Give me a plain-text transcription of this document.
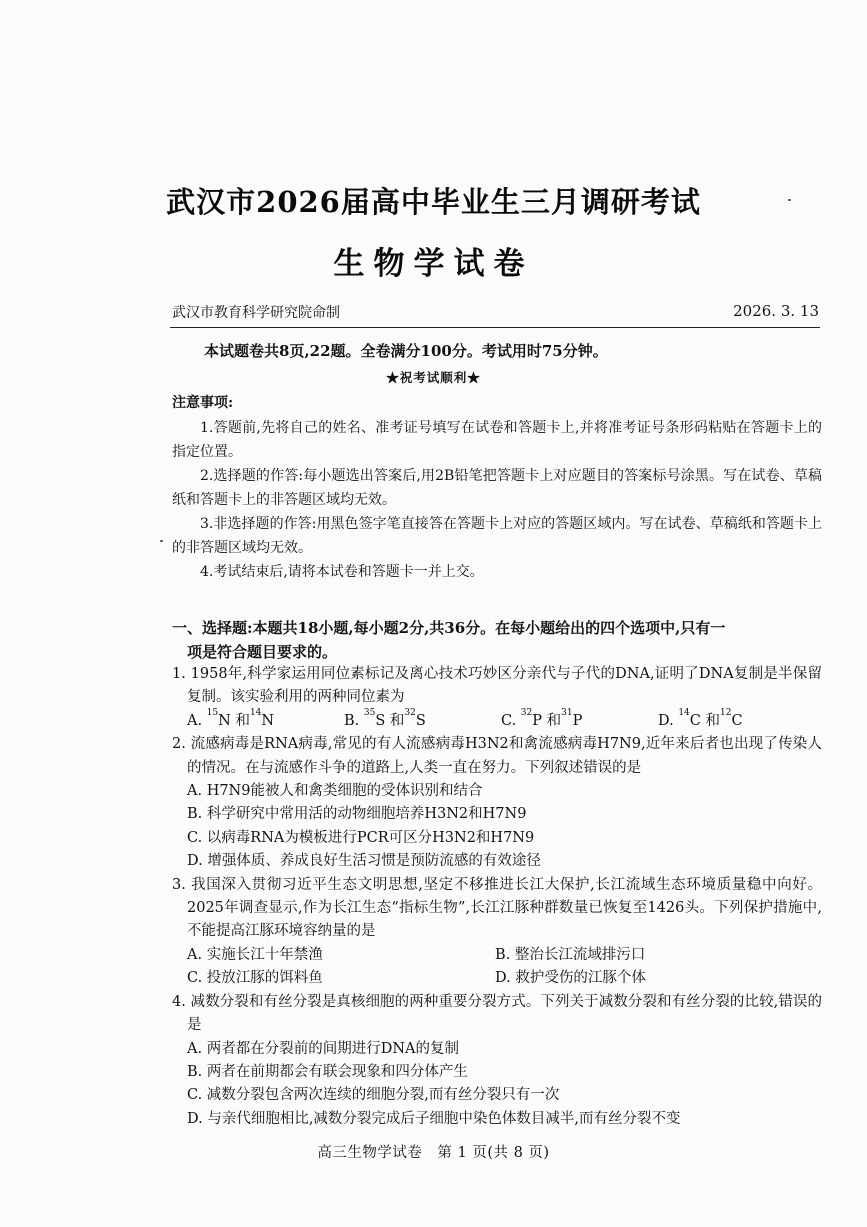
武汉市2026届高中毕业生三月调研考试
生物学试卷
武汉市教育科学研究院命制	2026. 3. 13
本试题卷共8页,22题。全卷满分100分。考试用时75分钟。
★祝考试顺利★
注意事项:

1.答题前,先将自己的姓名、准考证号填写在试卷和答题卡上,并将准考证号条形码粘贴在答题卡上的指定位置。

2.选择题的作答:每小题选出答案后,用2B铅笔把答题卡上对应题目的答案标号涂黑。写在试卷、草稿纸和答题卡上的非答题区域均无效。

3.非选择题的作答:用黑色签字笔直接答在答题卡上对应的答题区域内。写在试卷、草稿纸和答题卡上的非答题区域均无效。

4.考试结束后,请将本试卷和答题卡一并上交。

一、选择题:本题共18小题,每小题2分,共36分。在每小题给出的四个选项中,只有一
项是符合题目要求的。
1. 1958年,科学家运用同位素标记及离心技术巧妙区分亲代与子代的DNA,证明了DNA复制是半保留复制。该实验利用的两种同位素为
A. $^{15}$N 和$^{14}$N	B. $^{35}$S 和$^{32}$S	C. $^{32}$P 和$^{31}$P	D. $^{14}$C 和$^{12}$C
2. 流感病毒是RNA病毒,常见的有人流感病毒H3N2和禽流感病毒H7N9,近年来后者也出现了传染人的情况。在与流感作斗争的道路上,人类一直在努力。下列叙述错误的是
A. H7N9能被人和禽类细胞的受体识别和结合
B. 科学研究中常用活的动物细胞培养H3N2和H7N9
C. 以病毒RNA为模板进行PCR可区分H3N2和H7N9
D. 增强体质、养成良好生活习惯是预防流感的有效途径
3. 我国深入贯彻习近平生态文明思想,坚定不移推进长江大保护,长江流域生态环境质量稳中向好。2025年调查显示,作为长江生态“指标生物”,长江江豚种群数量已恢复至1426头。下列保护措施中,不能提高江豚环境容纳量的是
A. 实施长江十年禁渔	B. 整治长江流域排污口
C. 投放江豚的饵料鱼	D. 救护受伤的江豚个体
4. 减数分裂和有丝分裂是真核细胞的两种重要分裂方式。下列关于减数分裂和有丝分裂的比较,错误的是
A. 两者都在分裂前的间期进行DNA的复制
B. 两者在前期都会有联会现象和四分体产生
C. 减数分裂包含两次连续的细胞分裂,而有丝分裂只有一次
D. 与亲代细胞相比,减数分裂完成后子细胞中染色体数目减半,而有丝分裂不变
高三生物学试卷　第 1 页(共 8 页)
